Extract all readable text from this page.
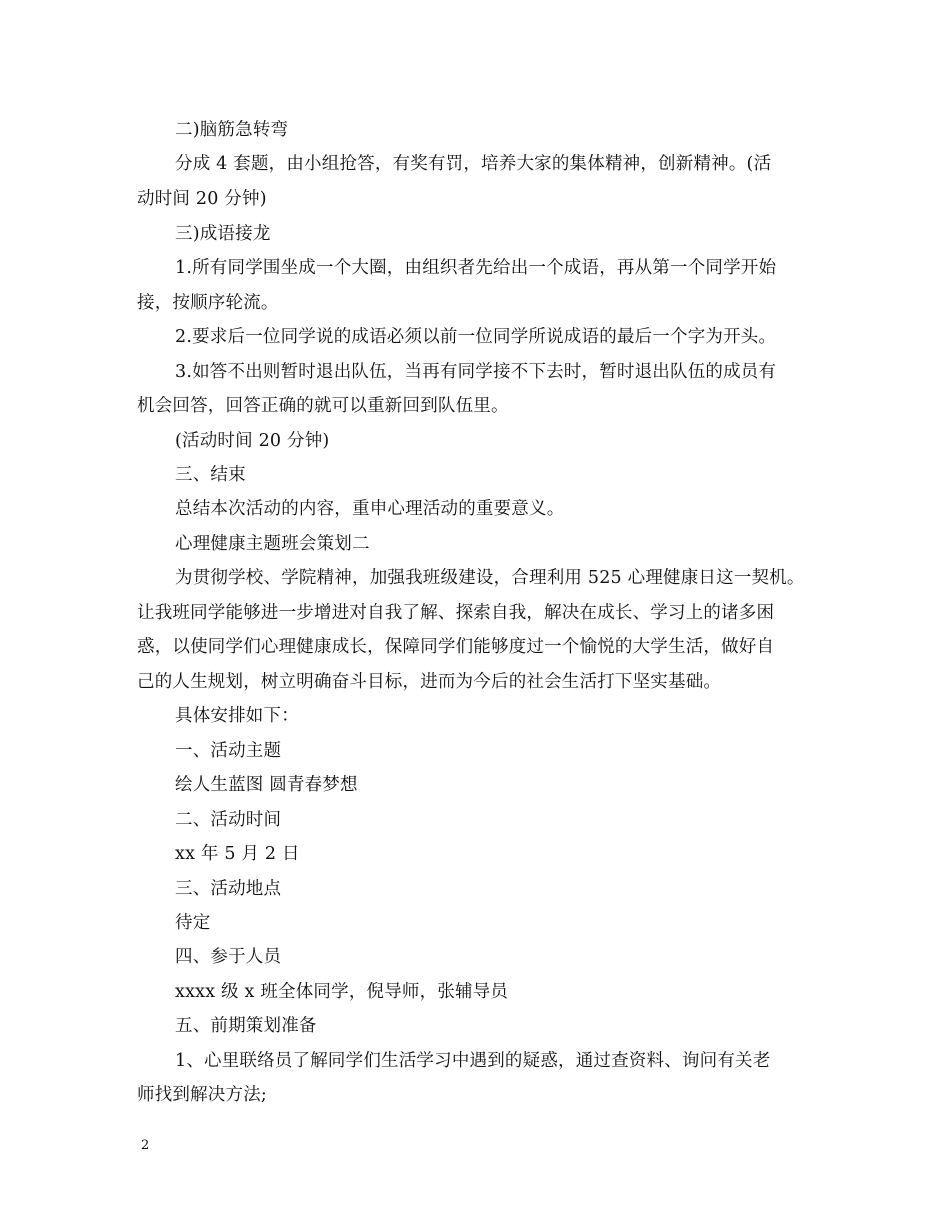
二)脑筋急转弯
分成 4 套题，由小组抢答，有奖有罚，培养大家的集体精神，创新精神。(活
动时间 20 分钟)
三)成语接龙
1.所有同学围坐成一个大圈，由组织者先给出一个成语，再从第一个同学开始
接，按顺序轮流。
2.要求后一位同学说的成语必须以前一位同学所说成语的最后一个字为开头。
3.如答不出则暂时退出队伍，当再有同学接不下去时，暂时退出队伍的成员有
机会回答，回答正确的就可以重新回到队伍里。
(活动时间 20 分钟)
三、结束
总结本次活动的内容，重申心理活动的重要意义。
心理健康主题班会策划二
为贯彻学校、学院精神，加强我班级建设，合理利用 525 心理健康日这一契机。
让我班同学能够进一步增进对自我了解、探索自我，解决在成长、学习上的诸多困
惑，以使同学们心理健康成长，保障同学们能够度过一个愉悦的大学生活，做好自
己的人生规划，树立明确奋斗目标，进而为今后的社会生活打下坚实基础。
具体安排如下：
一、活动主题
绘人生蓝图 圆青春梦想
二、活动时间
xx 年 5 月 2 日
三、活动地点
待定
四、参于人员
xxxx 级 x 班全体同学，倪导师，张辅导员
五、前期策划准备
1、心里联络员了解同学们生活学习中遇到的疑惑，通过查资料、询问有关老
师找到解决方法;
2
